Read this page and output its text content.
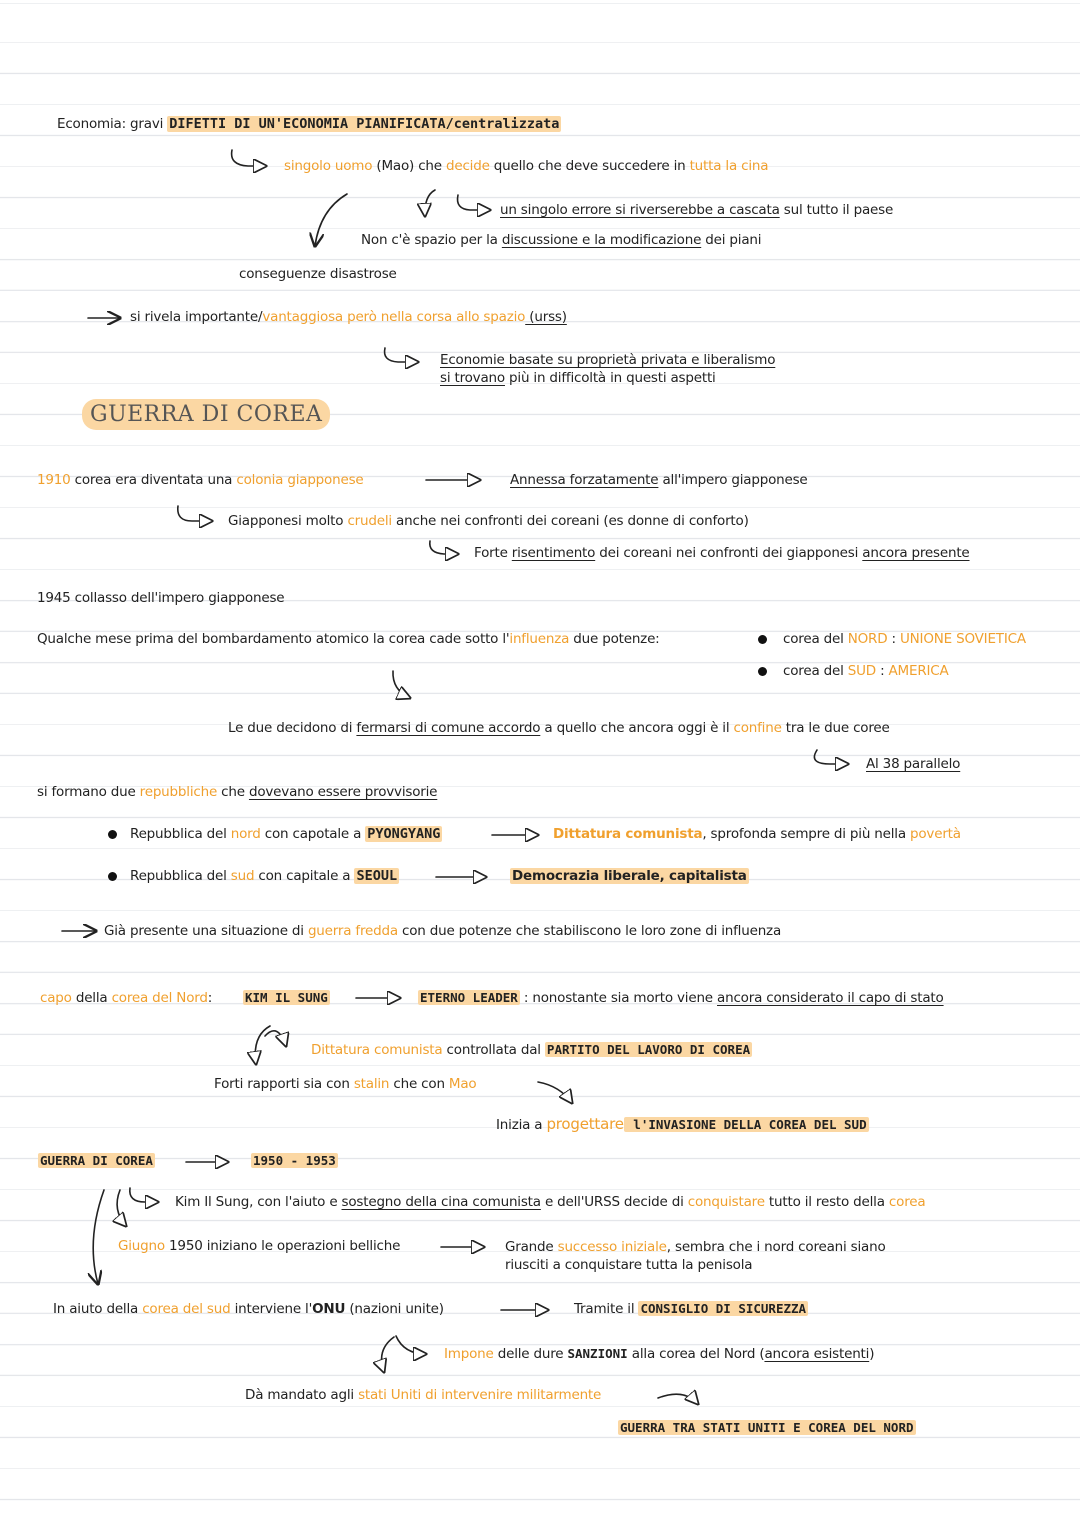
Economia: gravi DIFETTI DI UN'ECONOMIA PIANIFICATA/centralizzata
singolo uomo (Mao) che decide quello che deve succedere in tutta la cina
un singolo errore si riverserebbe a cascata sul tutto il paese
Non c'è spazio per la discussione e la modificazione dei piani
conseguenze disastrose
si rivela importante/vantaggiosa però nella corsa allo spazio (urss)
Economie basate su proprietà privata e liberalismo
si trovano più in difficoltà in questi aspetti
GUERRA DI COREA
1910 corea era diventata una colonia giapponese	Annessa forzatamente all'impero giapponese
Giapponesi molto crudeli anche nei confronti dei coreani (es donne di conforto)
Forte risentimento dei coreani nei confronti dei giapponesi ancora presente
1945 collasso dell'impero giapponese
Qualche mese prima del bombardamento atomico la corea cade sotto l'influenza due potenze:	corea del NORD : UNIONE SOVIETICA
corea del SUD : AMERICA
Le due decidono di fermarsi di comune accordo a quello che ancora oggi è il confine tra le due coree
Al 38 parallelo
si formano due repubbliche che dovevano essere provvisorie
Repubblica del nord con capotale a PYONGYANG	Dittatura comunista, sprofonda sempre di più nella povertà
Repubblica del sud con capitale a SEOUL	Democrazia liberale, capitalista
Già presente una situazione di guerra fredda con due potenze che stabiliscono le loro zone di influenza
capo della corea del Nord:	KIM IL SUNG	ETERNO LEADER : nonostante sia morto viene ancora considerato il capo di stato
Dittatura comunista controllata dal PARTITO DEL LAVORO DI COREA
Forti rapporti sia con stalin che con Mao
Inizia a progettare l'INVASIONE DELLA COREA DEL SUD
GUERRA DI COREA	1950 - 1953
Kim Il Sung, con l'aiuto e sostegno della cina comunista e dell'URSS decide di conquistare tutto il resto della corea
Giugno 1950 iniziano le operazioni belliche	Grande successo iniziale, sembra che i nord coreani siano
riusciti a conquistare tutta la penisola
In aiuto della corea del sud interviene l'ONU (nazioni unite)	Tramite il CONSIGLIO DI SICUREZZA
Impone delle dure SANZIONI alla corea del Nord (ancora esistenti)
Dà mandato agli stati Uniti di intervenire militarmente
GUERRA TRA STATI UNITI E COREA DEL NORD
